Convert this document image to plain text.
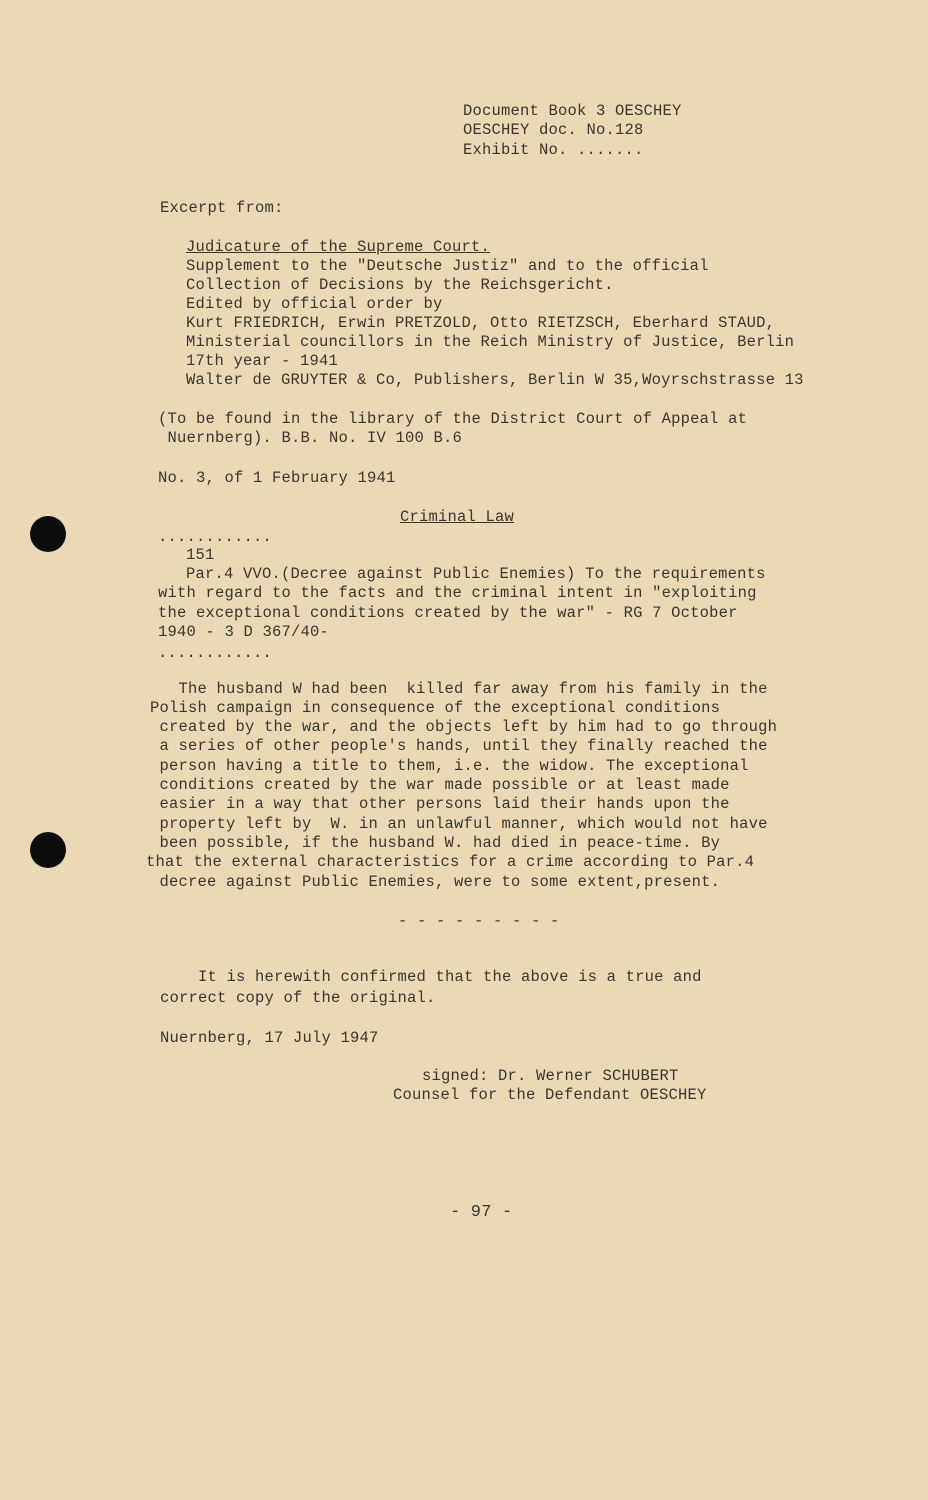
Document Book 3 OESCHEY
OESCHEY doc. No.128
Exhibit No. .......
Excerpt from:
Judicature of the Supreme Court.
Supplement to the "Deutsche Justiz" and to the official
Collection of Decisions by the Reichsgericht.
Edited by official order by
Kurt FRIEDRICH, Erwin PRETZOLD, Otto RIETZSCH, Eberhard STAUD,
Ministerial councillors in the Reich Ministry of Justice, Berlin
17th year - 1941
Walter de GRUYTER & Co, Publishers, Berlin W 35,Woyrschstrasse 13
(To be found in the library of the District Court of Appeal at
Nuernberg). B.B. No. IV 100 B.6
No. 3, of 1 February 1941
Criminal Law
............
151
Par.4 VVO.(Decree against Public Enemies) To the requirements
with regard to the facts and the criminal intent in "exploiting
the exceptional conditions created by the war" - RG 7 October
1940 - 3 D 367/40-
............
The husband W had been  killed far away from his family in the
Polish campaign in consequence of the exceptional conditions
created by the war, and the objects left by him had to go through
a series of other people's hands, until they finally reached the
person having a title to them, i.e. the widow. The exceptional
conditions created by the war made possible or at least made
easier in a way that other persons laid their hands upon the
property left by  W. in an unlawful manner, which would not have
been possible, if the husband W. had died in peace-time. By
that the external characteristics for a crime according to Par.4
decree against Public Enemies, were to some extent,present.
- - - - - - - - -
It is herewith confirmed that the above is a true and
correct copy of the original.
Nuernberg, 17 July 1947
signed: Dr. Werner SCHUBERT
Counsel for the Defendant OESCHEY
- 97 -
